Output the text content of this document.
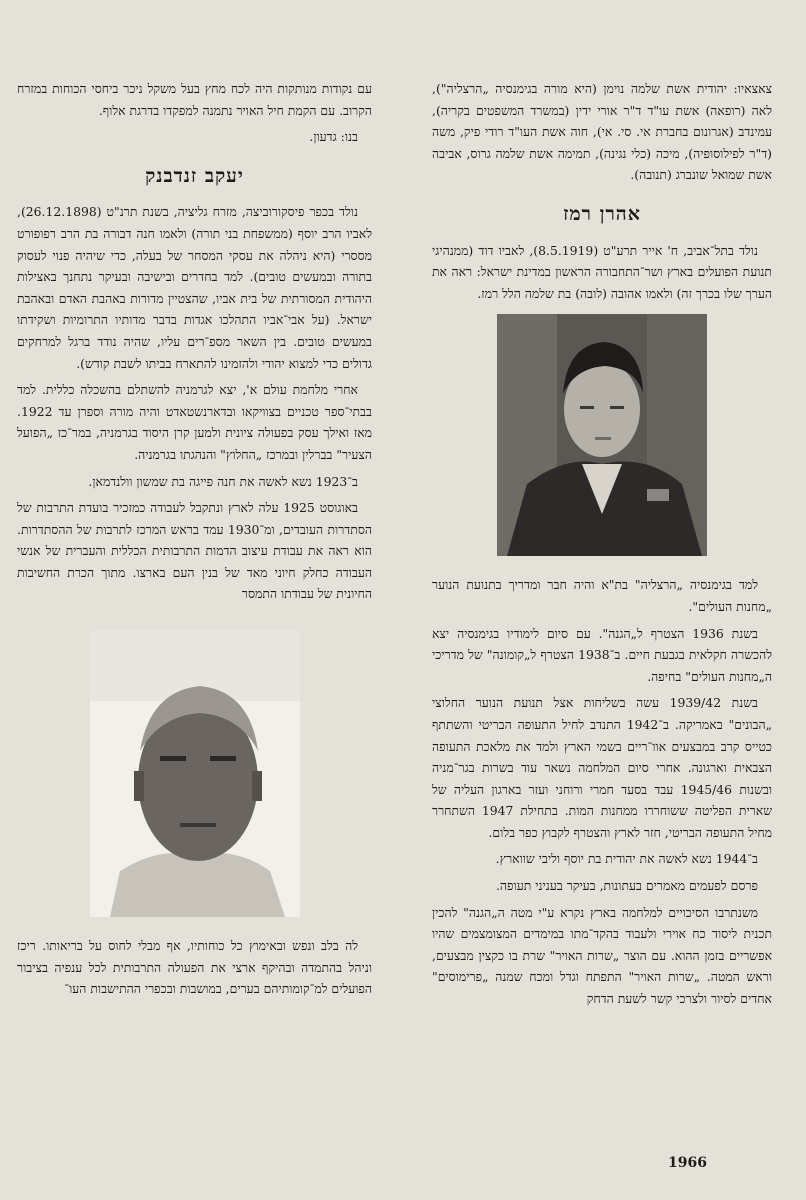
צאצאיו: יהודית אשת שלמה נוימן (היא מורה בגימנסיה „הרצליה"), לאה (רופאה) אשת עו"ד ד"ר אורי ידין (במשרד המשפטים בקריה), עמינדב (אגרונום בחברת אי. סי. אי), חוה אשת העו"ד רודי פיק, משה (ד"ר לפילוסופיה), מיכה (כלי נגינה), תמימה אשת שלמה גרוס, אביבה אשת שמואל שונברג (תנובה).

אהרן רמז

נולד בתל־אביב, ח' אייר תרע"ט (8.5.1919), לאביו דוד (ממנהיגי תנועת הפועלים בארץ ושר־התחבורה הראשון במדינת ישראל: ראה את הערך שלו בכרך זה) ולאמו אהובה (לובה) בת שלמה הלל רמז.

למד בגימנסיה „הרצליה" בת"א והיה חבר ומדריך בתנועת הנוער „מחנות העולים".

בשנת 1936 הצטרף ל„הגנה". עם סיום לימודיו בגימנסיה יצא להכשרה חקלאית בגבעת חיים. ב־1938 הצטרף ל„קומונה" של מדריכי ה„מחנות העולים" בחיפה.

בשנת 1939/42 עשה בשליחות אצל תנועת הנוער החלוצי „הבונים" באמריקה. ב־1942 התנדב לחיל התעופה הבריטי והשתתף כטייס קרב במבצעים אוו־ריים בשמי הארץ ולמד את מלאכת התעופה הצבאית וארגונה. אחרי סיום המלחמה נשאר עוד בשרות בגר־מניה ובשנות 1945/46 עבד בסעד חמרי ורוחני ועזר בארגון העליה של שארית הפליטה ששוחררו ממחנות המות. בתחילת 1947 השתחרר מחיל התעופה הבריטי, חזר לארץ והצטרף לקבוץ כפר בלום.

ב־1944 נשא לאשה את יהודית בת יוסף וליבי שווארץ.

פרסם לפעמים מאמרים בעתונות, בעיקר בעניני תעופה.

משנתרבו הסיכויים למלחמה בארץ נקרא ע"י מטה ה„הגנה" להכין תכנית ליסוד כח אוירי ולעבוד בהקד־מתו במימדים המצומצמים שהיו אפשריים בזמן ההוא. עם הוצר „שרות האויר" שרת בו כקצין מבצעים, וראש המטה. „שרות האויר" התפתח וגדל ומכח שמנה „פרימוסים" אחדים לסיור ולצרכי קשר לשעת הדחק

עם נקודות מנותקות היה לכח מחץ בעל משקל ניכר ביחסי הכוחות במזרח הקרוב. עם הקמת חיל האויר נתמנה למפקדו בדרגת אלוף.

בנו: גדעון.

יעקב זנדבנק

נולד בכפר פיסקורוביצה, מזרח גליציה, בשנת תרנ"ט (26.12.1898), לאביו הרב יוסף (ממשפחת בני תורה) ולאמו חנה דבורה בת הרב רפופורט מססרי (היא ניהלה את עסקי המסחר של בעלה, כדי שיהיה פנוי לעסוק בתורה ובמעשים טובים). למד בחדרים ובישיבה ובעיקר נתחנך באצילות היהודית המסורתית של בית אביו, שהצטיין מדורות באהבת האדם ובאהבת ישראל. (על אבי־אביו התהלכו אגדות בדבר מדותיו התרומיות ושקידתו במעשים טובים. בין השאר מספ־רים עליו, שהיה נודד ברגל למרחקים גדולים כדי למצוא יהודי ולהזמינו להתארח בביתו לשבת קודש).

אחרי מלחמת עולם א', יצא לגרמניה להשתלם בהשכלה כללית. למד בבתי־ספר טכניים בצוויקאו ובדארנשטאדט והיה מורה וספרן עד 1922. מאז ואילך עסק בפעולה ציונית ולמען קרן היסוד בגרמניה, במר־כז „הפועל הצעיר" בברלין ובמרכז „החלוץ" והנהגתו בגרמניה.

ב־1923 נשא לאשה את חנה פייגה בת שמשון וולנדמאן.

באוגוסט 1925 עלה לארץ ונתקבל לעבודה כמזכיר בועדת התרבות של הסתדרות העובדים, ומ־1930 עמד בראש המרכז לתרבות של ההסתדרות. הוא ראה את עבודת עיצוב הדמות התרבותית הכללית והעברית של אנשי העבודה כחלק חיוני מאד של בנין העם בארצו. מתוך הכרת החשיבות החיונית של עבודתו התמסר

לה בלב ונפש ובאימוץ כל כוחותיו, אף מבלי לחוס על בריאותו. ריכז וניהל בהתמדה ובהיקף ארצי את הפעולה התרבותית לכל ענפיה בציבור הפועלים למ־קומותיהם בערים, במושבות ובכפרי ההתישבות העו־

1966
